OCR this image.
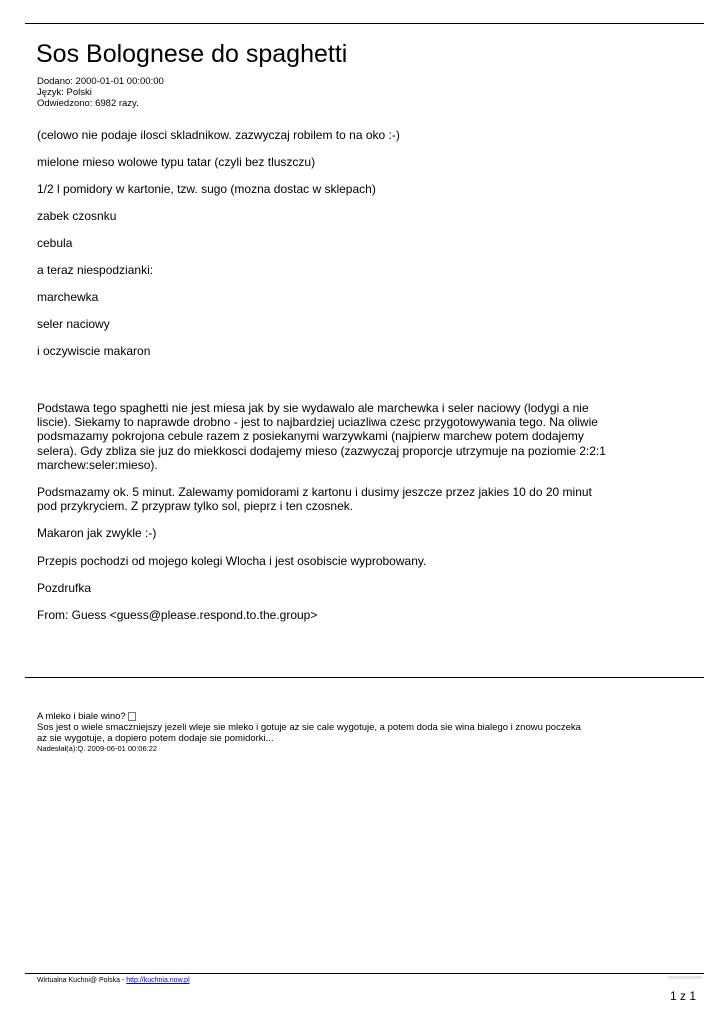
Sos Bolognese do spaghetti
Dodano: 2000-01-01 00:00:00
Język: Polski
Odwiedzono: 6982 razy.
(celowo nie podaje ilosci skladnikow. zazwyczaj robilem to na oko :-)
mielone mieso wolowe typu tatar (czyli bez tluszczu)
1/2 l pomidory w kartonie, tzw. sugo (mozna dostac w sklepach)
zabek czosnku
cebula
a teraz niespodzianki:
marchewka
seler naciowy
i oczywiscie makaron

Podstawa tego spaghetti nie jest miesa jak by sie wydawalo ale marchewka i seler naciowy (lodygi a nie liscie). Siekamy to naprawde drobno - jest to najbardziej uciazliwa czesc przygotowywania tego. Na oliwie podsmazamy pokrojona cebule razem z posiekanymi warzywkami (najpierw marchew potem dodajemy selera). Gdy zbliza sie juz do miekkosci dodajemy mieso (zazwyczaj proporcje utrzymuje na poziomie 2:2:1 marchew:seler:mieso).

Podsmazamy ok. 5 minut. Zalewamy pomidorami z kartonu i dusimy jeszcze przez jakies 10 do 20 minut pod przykryciem. Z przypraw tylko sol, pieprz i ten czosnek.

Makaron jak zwykle :-)

Przepis pochodzi od mojego kolegi Wlocha i jest osobiscie wyprobowany.

Pozdrufka

From: Guess <guess@please.respond.to.the.group>

A mleko i biale wino?
Sos jest o wiele smaczniejszy jezeli wleje sie mleko i gotuje az sie cale wygotuje, a potem doda sie wina bialego i znowu poczeka
az sie wygotuje, a dopiero potem dodaje sie pomidorki...
Nadesłał(a):Q. 2009-06-01 00:06:22
Wirtualna Kuchni@ Polska - http://kuchnia.now.pl
1 z 1
